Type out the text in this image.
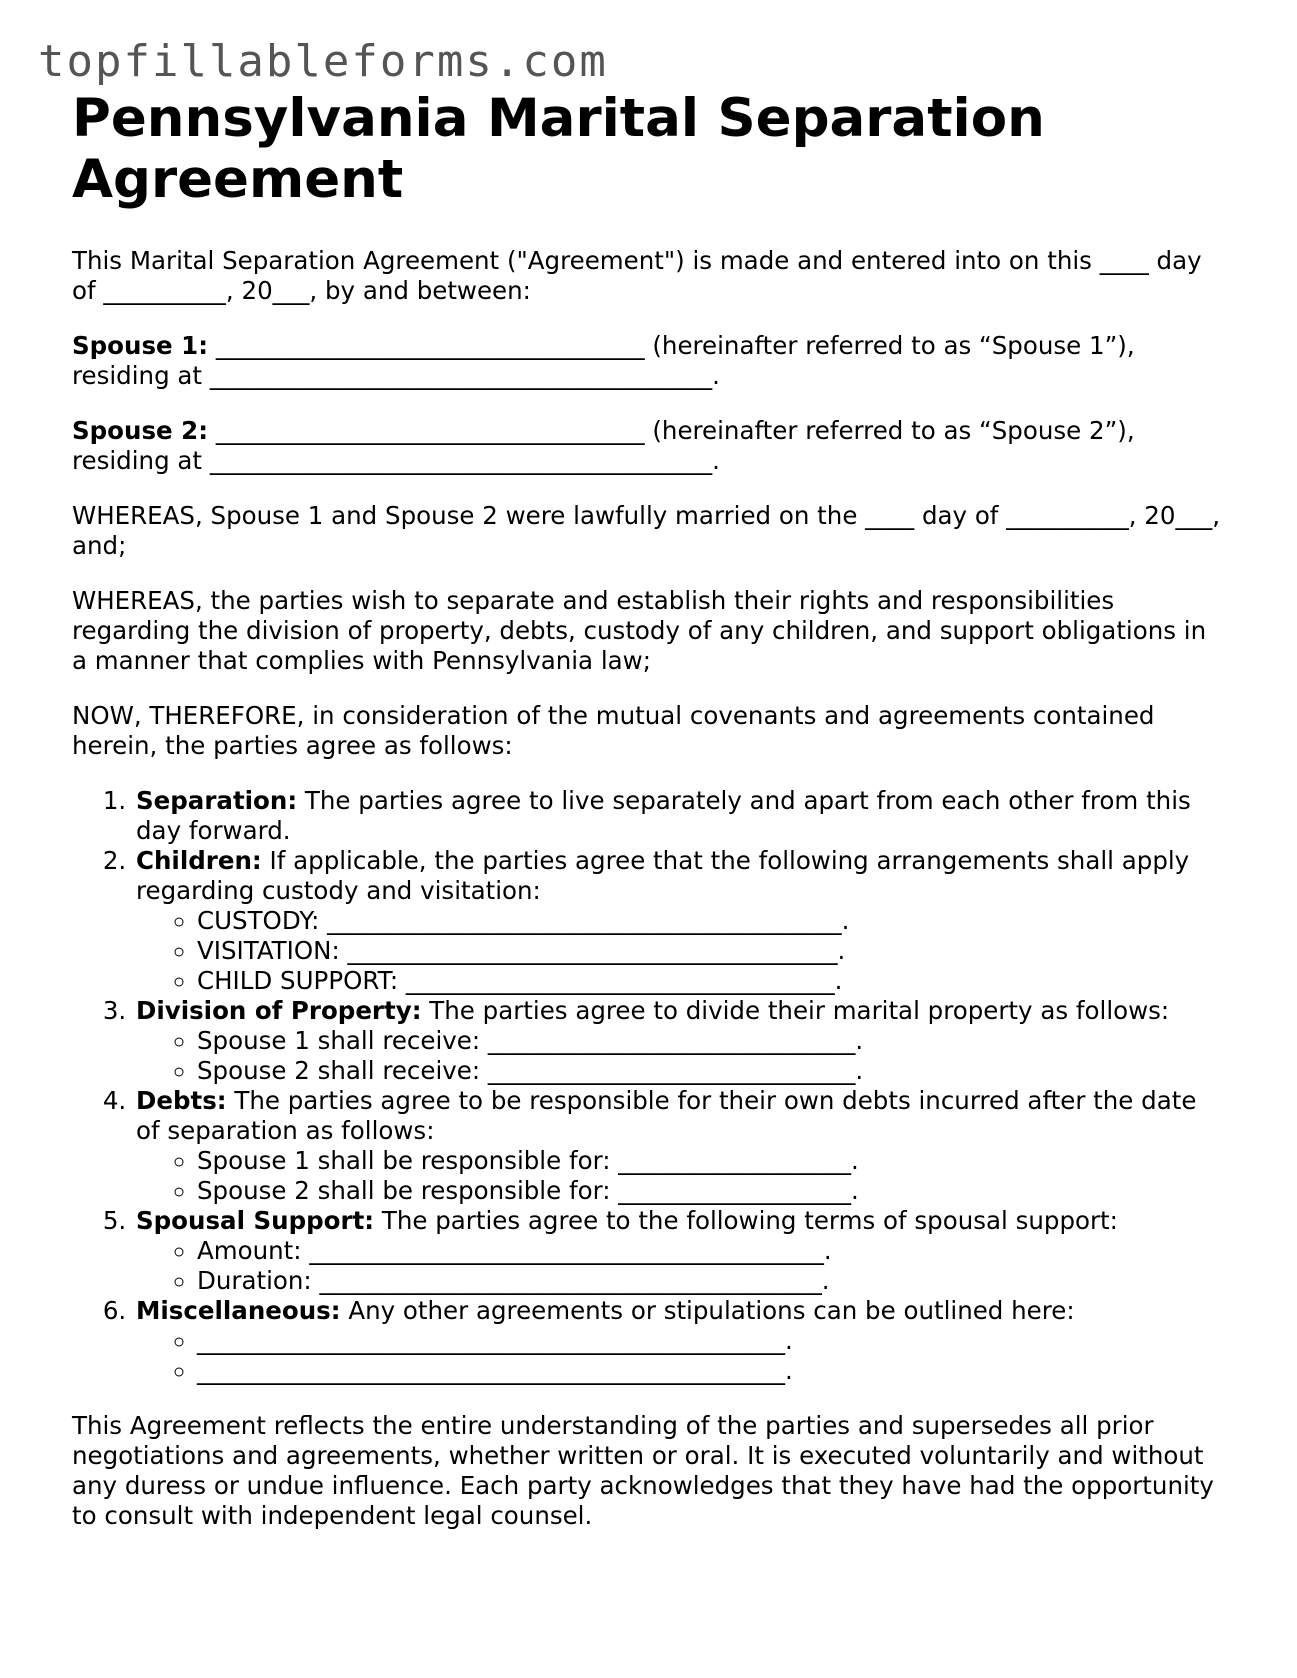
topfillableforms.com
Pennsylvania Marital Separation Agreement

This Marital Separation Agreement ("Agreement") is made and entered into on this ____ day of __________, 20___, by and between:

Spouse 1: ___________________________________ (hereinafter referred to as “Spouse 1”), residing at _________________________________________.

Spouse 2: ___________________________________ (hereinafter referred to as “Spouse 2”), residing at _________________________________________.

WHEREAS, Spouse 1 and Spouse 2 were lawfully married on the ____ day of __________, 20___, and;

WHEREAS, the parties wish to separate and establish their rights and responsibilities regarding the division of property, debts, custody of any children, and support obligations in a manner that complies with Pennsylvania law;

NOW, THEREFORE, in consideration of the mutual covenants and agreements contained herein, the parties agree as follows:

1. Separation: The parties agree to live separately and apart from each other from this day forward.
2. Children: If applicable, the parties agree that the following arrangements shall apply regarding custody and visitation:
◦ CUSTODY: __________________________________________.
◦ VISITATION: ________________________________________.
◦ CHILD SUPPORT: ___________________________________.
3. Division of Property: The parties agree to divide their marital property as follows:
◦ Spouse 1 shall receive: ______________________________.
◦ Spouse 2 shall receive: ______________________________.
4. Debts: The parties agree to be responsible for their own debts incurred after the date of separation as follows:
◦ Spouse 1 shall be responsible for: ___________________.
◦ Spouse 2 shall be responsible for: ___________________.
5. Spousal Support: The parties agree to the following terms of spousal support:
◦ Amount: __________________________________________.
◦ Duration: _________________________________________.
6. Miscellaneous: Any other agreements or stipulations can be outlined here:
◦ ________________________________________________.
◦ ________________________________________________.

This Agreement reflects the entire understanding of the parties and supersedes all prior negotiations and agreements, whether written or oral. It is executed voluntarily and without any duress or undue influence. Each party acknowledges that they have had the opportunity to consult with independent legal counsel.
